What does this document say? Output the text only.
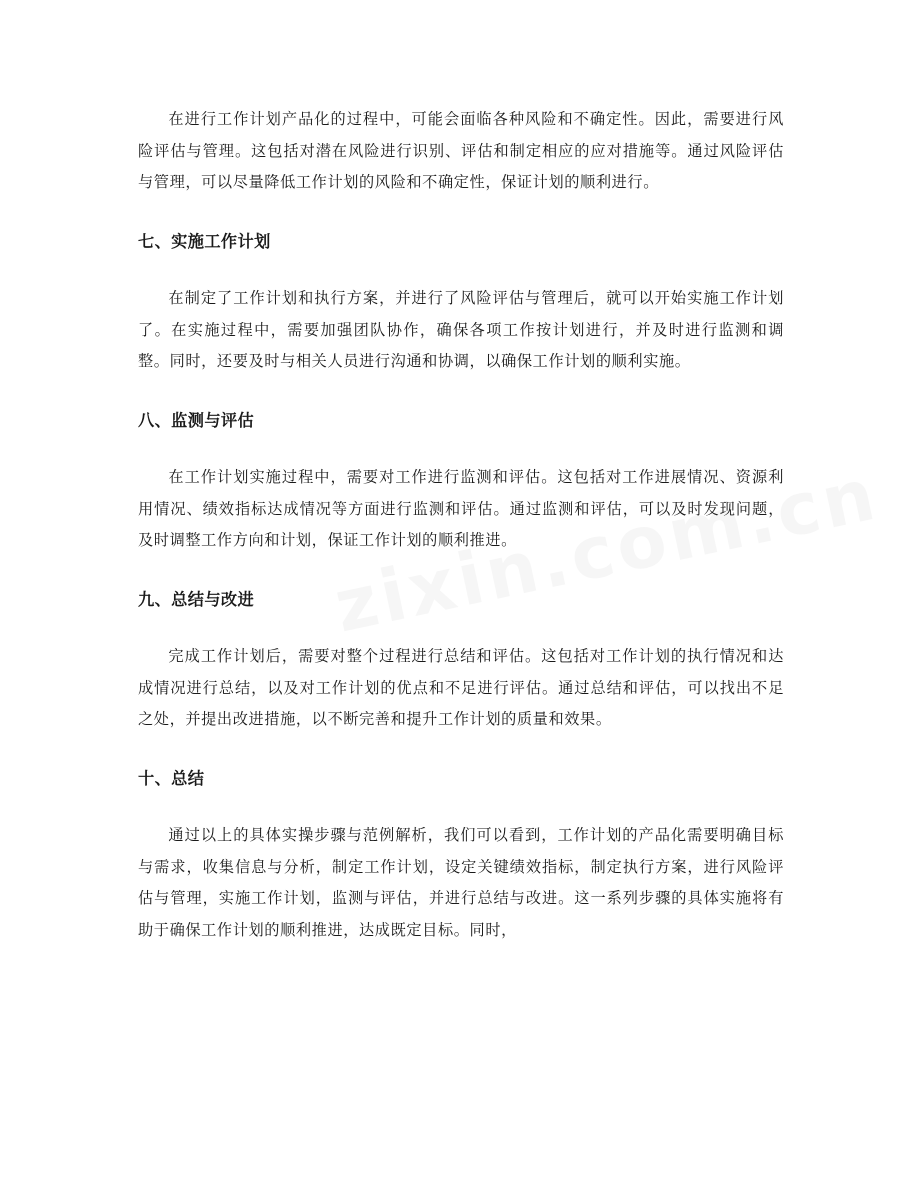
在进行工作计划产品化的过程中，可能会面临各种风险和不确定性。因此，需要进行风险评估与管理。这包括对潜在风险进行识别、评估和制定相应的应对措施等。通过风险评估与管理，可以尽量降低工作计划的风险和不确定性，保证计划的顺利进行。

七、实施工作计划

在制定了工作计划和执行方案，并进行了风险评估与管理后，就可以开始实施工作计划了。在实施过程中，需要加强团队协作，确保各项工作按计划进行，并及时进行监测和调整。同时，还要及时与相关人员进行沟通和协调，以确保工作计划的顺利实施。

八、监测与评估

在工作计划实施过程中，需要对工作进行监测和评估。这包括对工作进展情况、资源利用情况、绩效指标达成情况等方面进行监测和评估。通过监测和评估，可以及时发现问题，及时调整工作方向和计划，保证工作计划的顺利推进。

九、总结与改进

完成工作计划后，需要对整个过程进行总结和评估。这包括对工作计划的执行情况和达成情况进行总结，以及对工作计划的优点和不足进行评估。通过总结和评估，可以找出不足之处，并提出改进措施，以不断完善和提升工作计划的质量和效果。

十、总结

通过以上的具体实操步骤与范例解析，我们可以看到，工作计划的产品化需要明确目标与需求，收集信息与分析，制定工作计划，设定关键绩效指标，制定执行方案，进行风险评估与管理，实施工作计划，监测与评估，并进行总结与改进。这一系列步骤的具体实施将有助于确保工作计划的顺利推进，达成既定目标。同时，
